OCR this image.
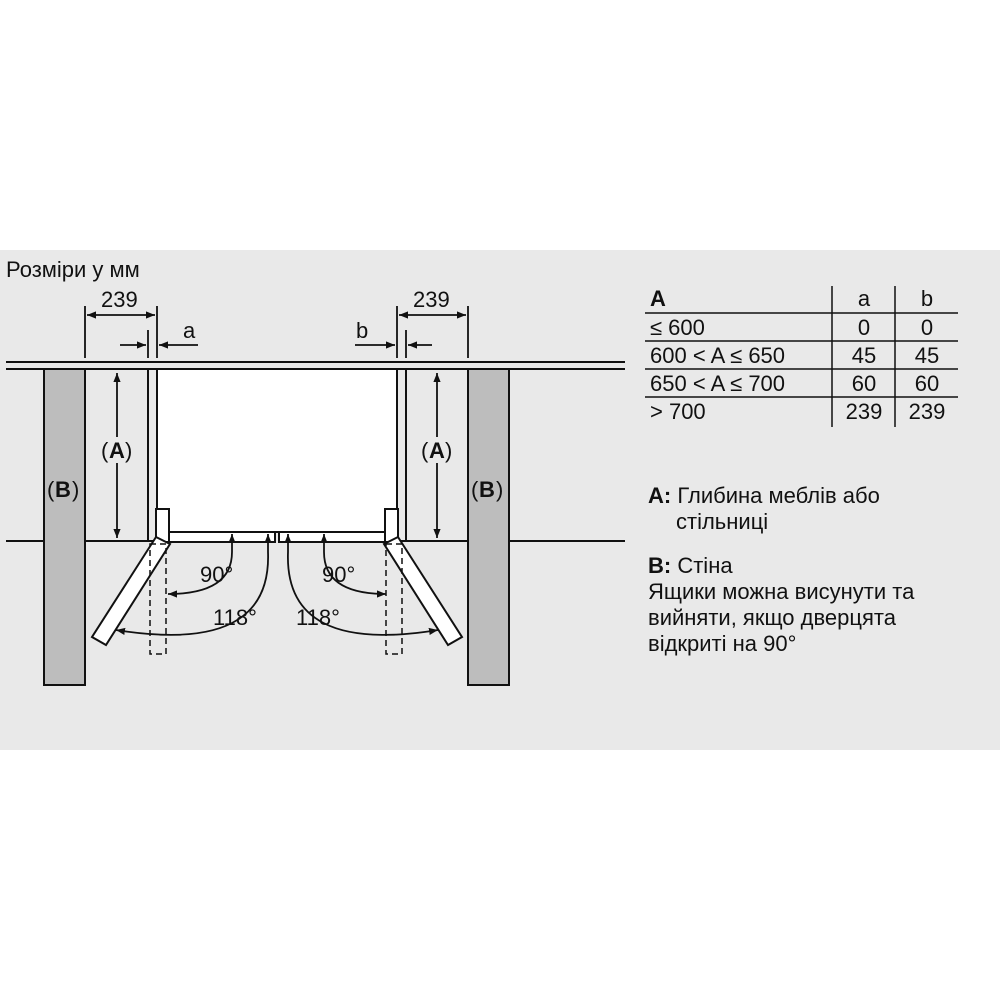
Розміри у мм
( B )	( B )
90°	90°
118° 118°
( A )	( A )
239	239
a	b
A	a b
≤ 600	0 0
600 < A ≤ 650	45 45
650 < A ≤ 700	60 60
> 700	239 239
A: Глибина меблів або
стільниці
B: Стіна
Ящики можна висунути та
вийняти, якщо дверцята
відкриті на 90°
